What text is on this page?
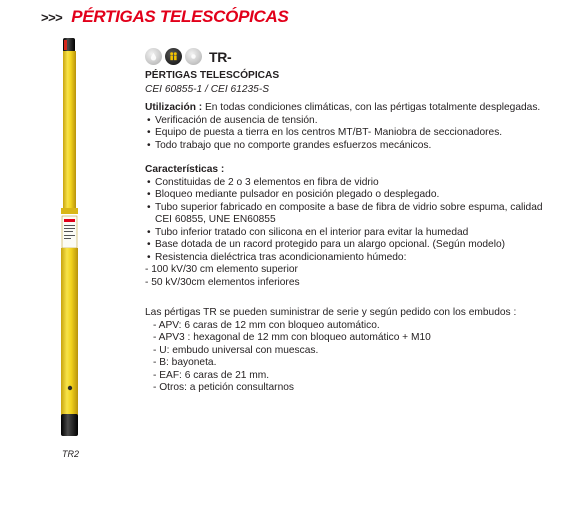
>>> PÉRTIGAS TELESCÓPICAS
TR2
TR-

PÉRTIGAS TELESCÓPICAS

CEI 60855-1 / CEI 61235-S

Utilización : En todas condiciones climáticas, con las pértigas totalmente desplegadas.

• Verificación de ausencia de tensión.
• Equipo de puesta a tierra en los centros MT/BT- Maniobra de seccionadores.
• Todo trabajo que no comporte grandes esfuerzos mecánicos.

Características :

• Constituidas de 2 o 3 elementos en fibra de vidrio
• Bloqueo mediante pulsador en posición plegado o desplegado.
• Tubo superior fabricado en composite a base de fibra de vidrio sobre espuma, calidad CEI 60855, UNE EN60855
• Tubo inferior tratado con silicona en el interior para evitar la humedad
• Base dotada de un racord protegido para un alargo opcional. (Según modelo)
• Resistencia dieléctrica tras acondicionamiento húmedo:
- 100 kV/30 cm elemento superior
- 50 kV/30cm elementos inferiores

Las pértigas TR se pueden suministrar de serie y según pedido con los embudos :

- APV: 6 caras de 12 mm con bloqueo automático.
- APV3 : hexagonal de 12 mm con bloqueo automático + M10
- U: embudo universal con muescas.
- B: bayoneta.
- EAF: 6 caras de 21 mm.
- Otros: a petición consultarnos
